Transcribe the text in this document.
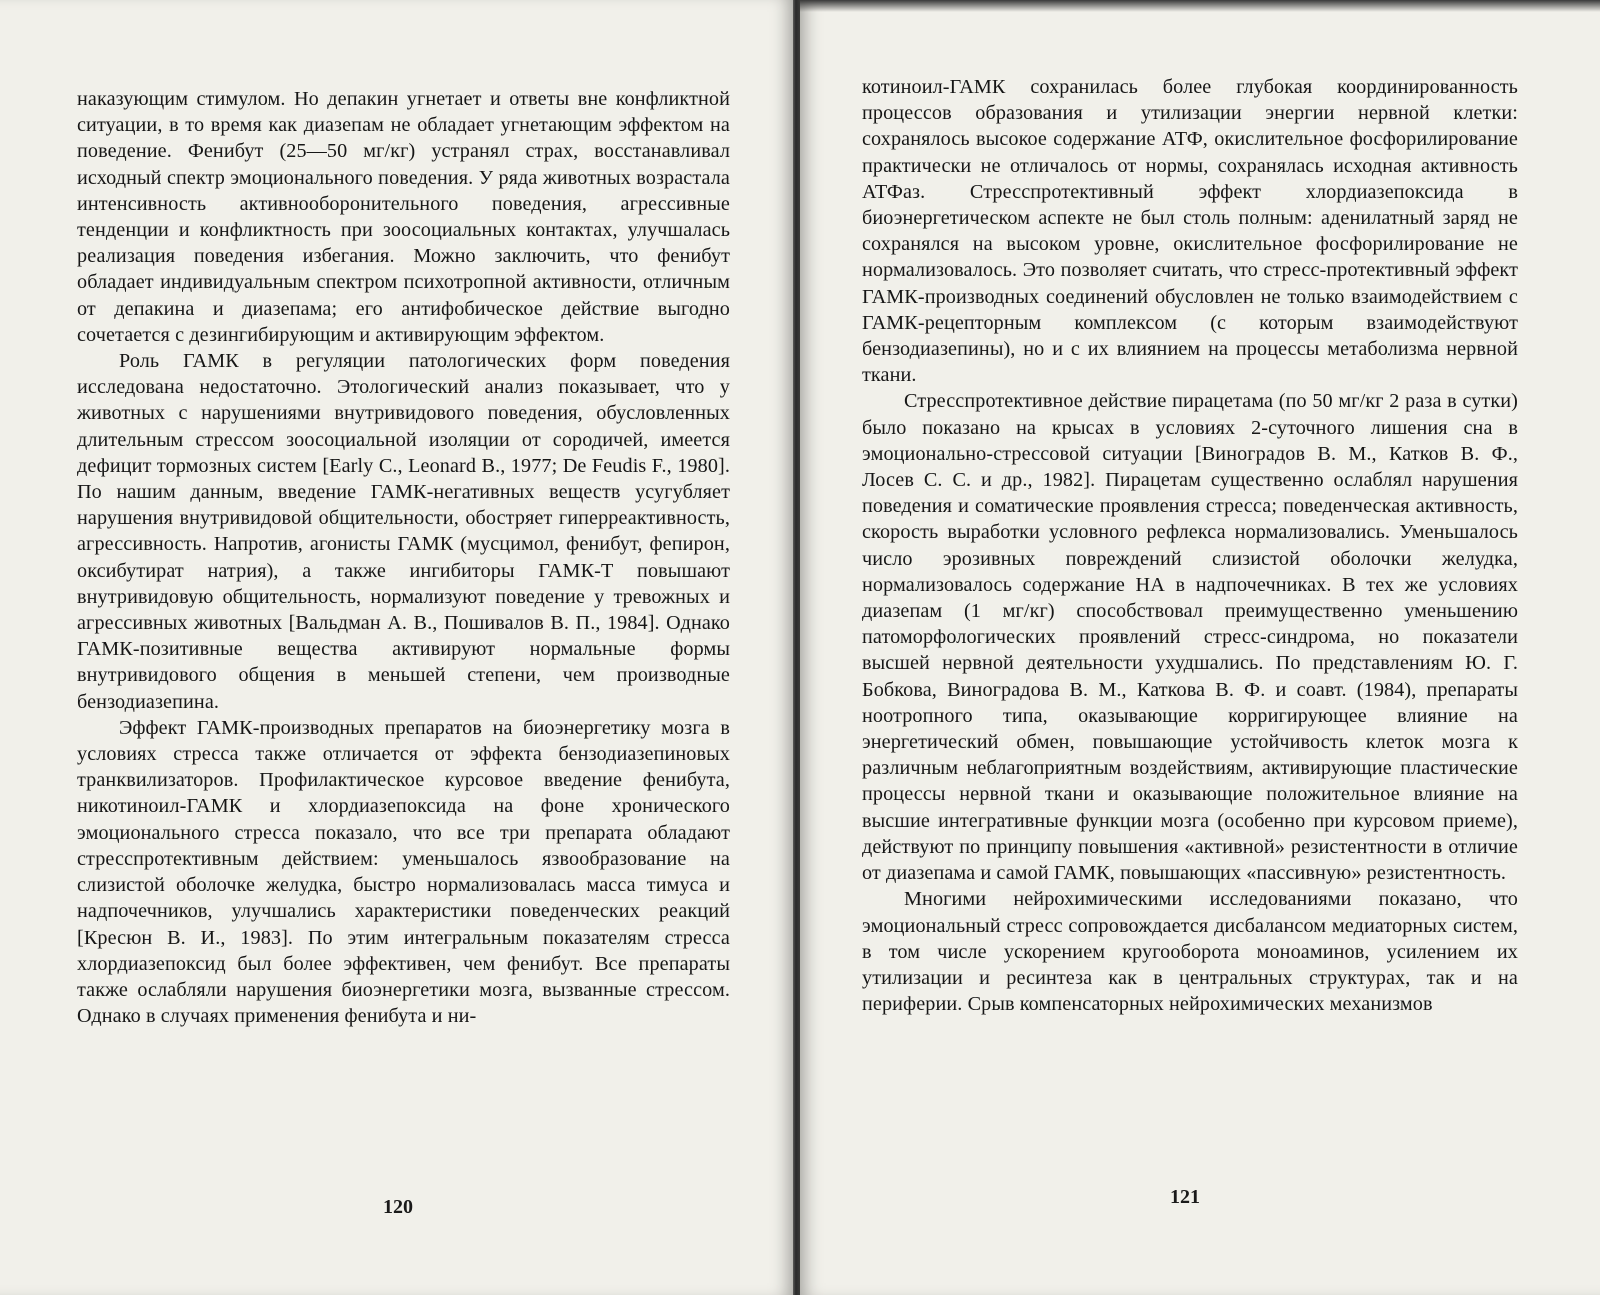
наказующим стимулом. Но депакин угнетает и ответы вне конфликтной ситуации, в то время как диазепам не обладает угнетающим эффектом на поведение. Фенибут (25—50 мг/кг) устранял страх, восстанавливал исходный спектр эмоционального поведения. У ряда животных возрастала интенсивность активнооборонительного поведения, агрессивные тенденции и конфликтность при зоосоциальных контактах, улучшалась реализация поведения избегания. Можно заключить, что фенибут обладает индивидуальным спектром психотропной активности, отличным от депакина и диазепама; его антифобическое действие выгодно сочетается с дезингибирующим и активирующим эффектом.

Роль ГАМК в регуляции патологических форм поведения исследована недостаточно. Этологический анализ показывает, что у животных с нарушениями внутривидового поведения, обусловленных длительным стрессом зоосоциальной изоляции от сородичей, имеется дефицит тормозных систем [Early C., Leonard B., 1977; De Feudis F., 1980]. По нашим данным, введение ГАМК-негативных веществ усугубляет нарушения внутривидовой общительности, обостряет гиперреактивность, агрессивность. Напротив, агонисты ГАМК (мусцимол, фенибут, фепирон, оксибутират натрия), а также ингибиторы ГАМК-Т повышают внутривидовую общительность, нормализуют поведение у тревожных и агрессивных животных [Вальдман А. В., Пошивалов В. П., 1984]. Однако ГАМК-позитивные вещества активируют нормальные формы внутривидового общения в меньшей степени, чем производные бензодиазепина.

Эффект ГАМК-производных препаратов на биоэнергетику мозга в условиях стресса также отличается от эффекта бензодиазепиновых транквилизаторов. Профилактическое курсовое введение фенибута, никотиноил-ГАМК и хлордиазепоксида на фоне хронического эмоционального стресса показало, что все три препарата обладают стресспротективным действием: уменьшалось язвообразование на слизистой оболочке желудка, быстро нормализовалась масса тимуса и надпочечников, улучшались характеристики поведенческих реакций [Кресюн В. И., 1983]. По этим интегральным показателям стресса хлордиазепоксид был более эффективен, чем фенибут. Все препараты также ослабляли нарушения биоэнергетики мозга, вызванные стрессом. Однако в случаях применения фенибута и ни-

120

котиноил-ГАМК сохранилась более глубокая координированность процессов образования и утилизации энергии нервной клетки: сохранялось высокое содержание АТФ, окислительное фосфорилирование практически не отличалось от нормы, сохранялась исходная активность АТФаз. Стресспротективный эффект хлордиазепоксида в биоэнергетическом аспекте не был столь полным: аденилатный заряд не сохранялся на высоком уровне, окислительное фосфорилирование не нормализовалось. Это позволяет считать, что стресс-протективный эффект ГАМК-производных соединений обусловлен не только взаимодействием с ГАМК-рецепторным комплексом (с которым взаимодействуют бензодиазепины), но и с их влиянием на процессы метаболизма нервной ткани.

Стресспротективное действие пирацетама (по 50 мг/кг 2 раза в сутки) было показано на крысах в условиях 2-суточного лишения сна в эмоционально-стрессовой ситуации [Виноградов В. М., Катков В. Ф., Лосев С. С. и др., 1982]. Пирацетам существенно ослаблял нарушения поведения и соматические проявления стресса; поведенческая активность, скорость выработки условного рефлекса нормализовались. Уменьшалось число эрозивных повреждений слизистой оболочки желудка, нормализовалось содержание НА в надпочечниках. В тех же условиях диазепам (1 мг/кг) способствовал преимущественно уменьшению патоморфологических проявлений стресс-синдрома, но показатели высшей нервной деятельности ухудшались. По представлениям Ю. Г. Бобкова, Виноградова В. М., Каткова В. Ф. и соавт. (1984), препараты ноотропного типа, оказывающие корригирующее влияние на энергетический обмен, повышающие устойчивость клеток мозга к различным неблагоприятным воздействиям, активирующие пластические процессы нервной ткани и оказывающие положительное влияние на высшие интегративные функции мозга (особенно при курсовом приеме), действуют по принципу повышения «активной» резистентности в отличие от диазепама и самой ГАМК, повышающих «пассивную» резистентность.

Многими нейрохимическими исследованиями показано, что эмоциональный стресс сопровождается дисбалансом медиаторных систем, в том числе ускорением кругооборота моноаминов, усилением их утилизации и ресинтеза как в центральных структурах, так и на периферии. Срыв компенсаторных нейрохимических механизмов

121
